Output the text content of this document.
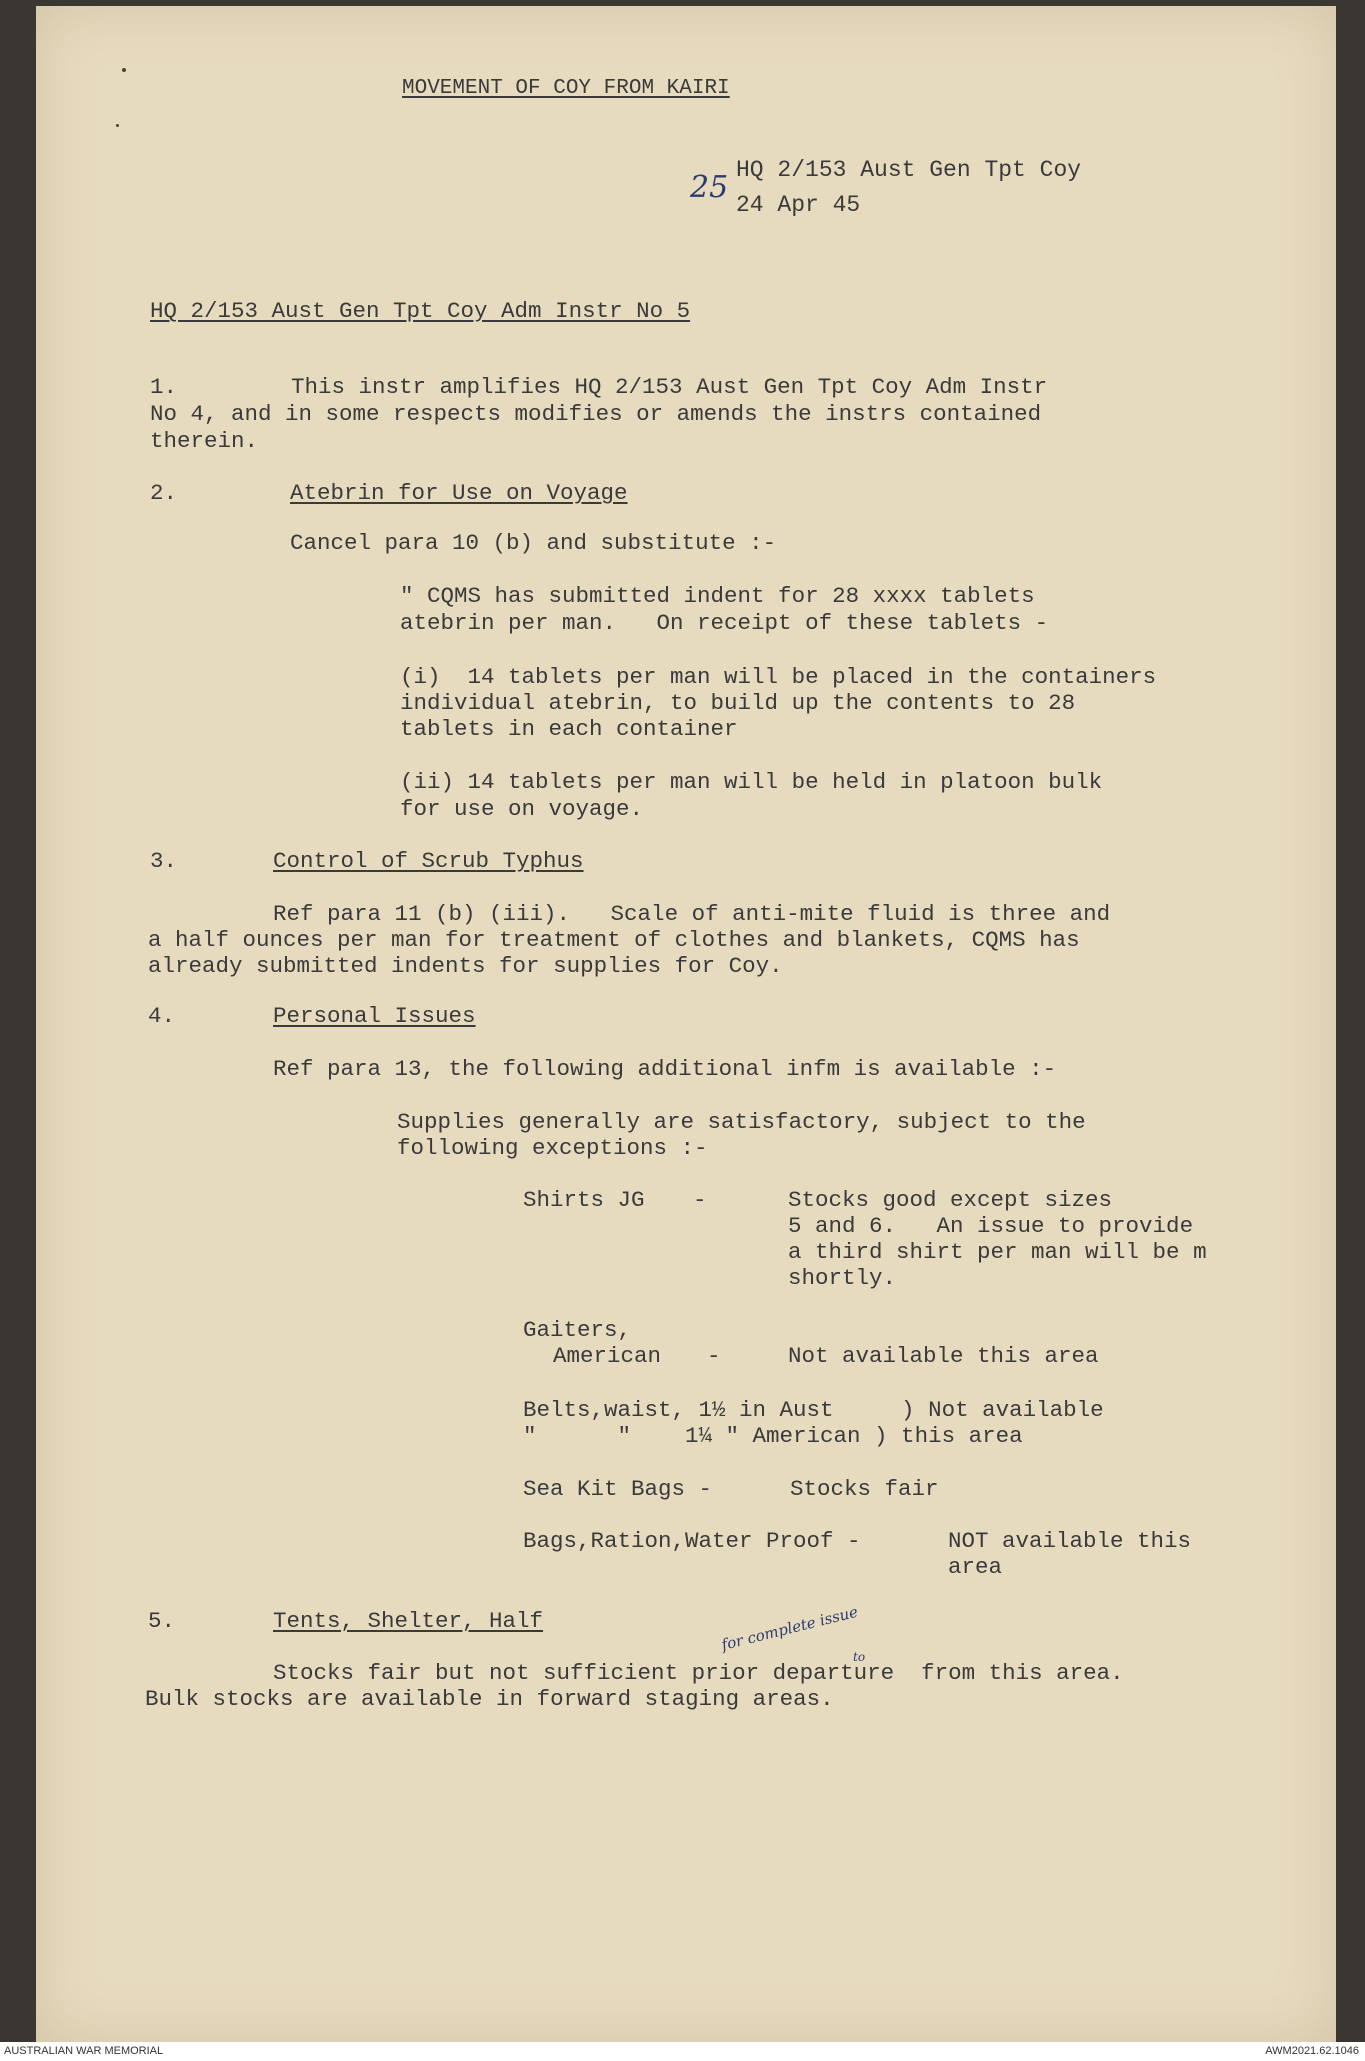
MOVEMENT OF COY FROM KAIRI
HQ 2/153 Aust Gen Tpt Coy
25 24 Apr 45
HQ 2/153 Aust Gen Tpt Coy Adm Instr No 5
1.	This instr amplifies HQ 2/153 Aust Gen Tpt Coy Adm Instr
No 4, and in some respects modifies or amends the instrs contained
therein.
2.	Atebrin for Use on Voyage
Cancel para 10 (b) and substitute :-
" CQMS has submitted indent for 28 xxxx tablets
atebrin per man.   On receipt of these tablets -
(i)  14 tablets per man will be placed in the containers
individual atebrin, to build up the contents to 28
tablets in each container
(ii) 14 tablets per man will be held in platoon bulk
for use on voyage.
3.	Control of Scrub Typhus
Ref para 11 (b) (iii).   Scale of anti-mite fluid is three and
a half ounces per man for treatment of clothes and blankets, CQMS has
already submitted indents for supplies for Coy.
4.	Personal Issues
Ref para 13, the following additional infm is available :-
Supplies generally are satisfactory, subject to the
following exceptions :-
Shirts JG -	Stocks good except sizes
5 and 6.   An issue to provide
a third shirt per man will be m
shortly.
Gaiters,
American -	Not available this area
Belts,waist, 1½ in Aust     ) Not available
"      "    1¼ " American ) this area
Sea Kit Bags -	Stocks fair
Bags,Ration,Water Proof -	NOT available this
area
5.	Tents, Shelter, Half	for complete issue
to
Stocks fair but not sufficient prior departure  from this area.
Bulk stocks are available in forward staging areas.
AUSTRALIAN WAR MEMORIAL	AWM2021.62.1046
